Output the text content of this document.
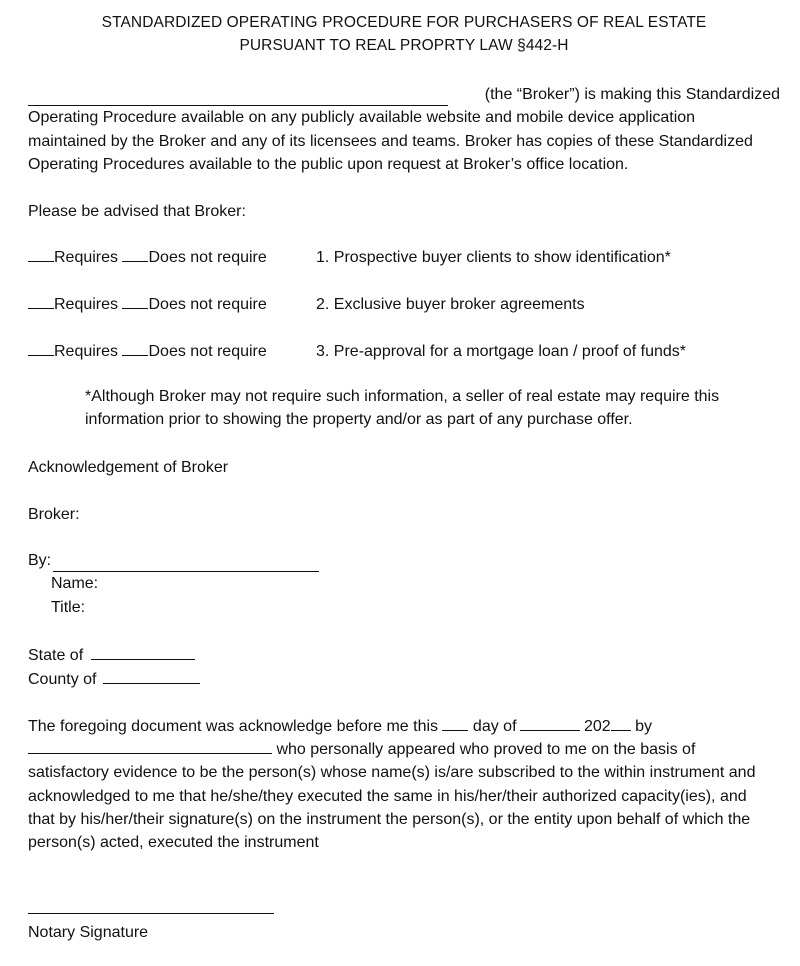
STANDARDIZED OPERATING PROCEDURE FOR PURCHASERS OF REAL ESTATE
PURSUANT TO REAL PROPRTY LAW §442-H
(the “Broker”) is making this Standardized
Operating Procedure available on any publicly available website and mobile device application
maintained by the Broker and any of its licensees and teams. Broker has copies of these Standardized
Operating Procedures available to the public upon request at Broker’s office location.
Please be advised that Broker:
Requires Does not require	1. Prospective buyer clients to show identification*
Requires Does not require	2. Exclusive buyer broker agreements
Requires Does not require	3. Pre-approval for a mortgage loan / proof of funds*
*Although Broker may not require such information, a seller of real estate may require this
information prior to showing the property and/or as part of any purchase offer.
Acknowledgement of Broker
Broker:
By:
Name:
Title:
State of
County of
The foregoing document was acknowledge before me this day of	202 by
who personally appeared who proved to me on the basis of
satisfactory evidence to be the person(s) whose name(s) is/are subscribed to the within instrument and
acknowledged to me that he/she/they executed the same in his/her/their authorized capacity(ies), and
that by his/her/their signature(s) on the instrument the person(s), or the entity upon behalf of which the
person(s) acted, executed the instrument
Notary Signature
